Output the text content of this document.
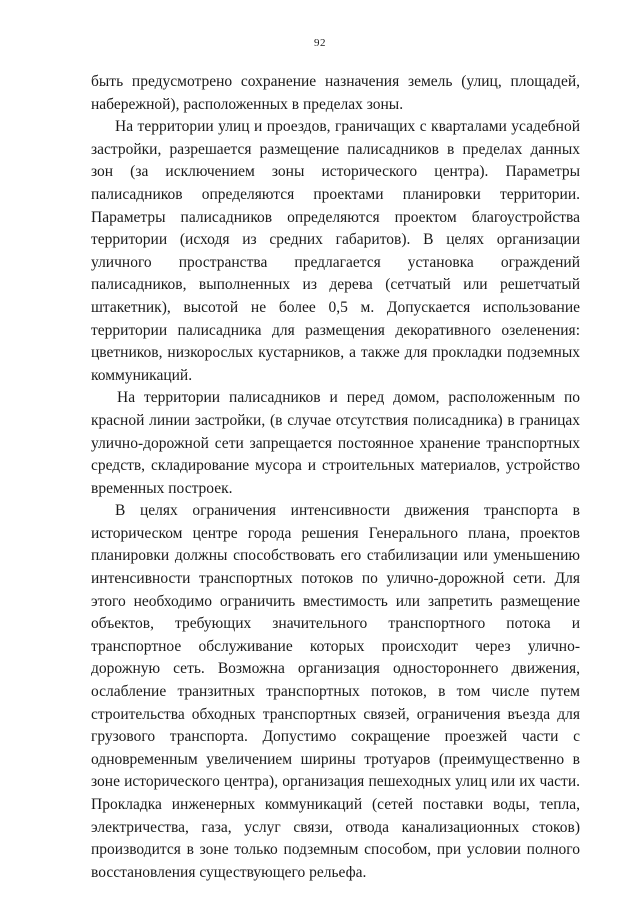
92

быть предусмотрено сохранение назначения земель (улиц, площадей, набережной), расположенных в пределах зоны.

На территории улиц и проездов, граничащих с кварталами усадебной застройки, разрешается размещение палисадников в пределах данных зон (за исключением зоны исторического центра). Параметры палисадников определяются проектами планировки территории. Параметры палисадников определяются проектом благоустройства территории (исходя из средних габаритов). В целях организации уличного пространства предлагается установка ограждений палисадников, выполненных из дерева (сетчатый или решетчатый штакетник), высотой не более 0,5 м. Допускается использование территории палисадника для размещения декоративного озеленения: цветников, низкорослых кустарников, а также для прокладки подземных коммуникаций.

На территории палисадников и перед домом, расположенным по красной линии застройки, (в случае отсутствия полисадника) в границах улично-дорожной сети запрещается постоянное хранение транспортных средств, складирование мусора и строительных материалов, устройство временных построек.

В целях ограничения интенсивности движения транспорта в историческом центре города решения Генерального плана, проектов планировки должны способствовать его стабилизации или уменьшению интенсивности транспортных потоков по улично-дорожной сети. Для этого необходимо ограничить вместимость или запретить размещение объектов, требующих значительного транспортного потока и транспортное обслуживание которых происходит через улично-дорожную сеть. Возможна организация одностороннего движения, ослабление транзитных транспортных потоков, в том числе путем строительства обходных транспортных связей, ограничения въезда для грузового транспорта. Допустимо сокращение проезжей части с одновременным увеличением ширины тротуаров (преимущественно в зоне исторического центра), организация пешеходных улиц или их части. Прокладка инженерных коммуникаций (сетей поставки воды, тепла, электричества, газа, услуг связи, отвода канализационных стоков) производится в зоне только подземным способом, при условии полного восстановления существующего рельефа.
